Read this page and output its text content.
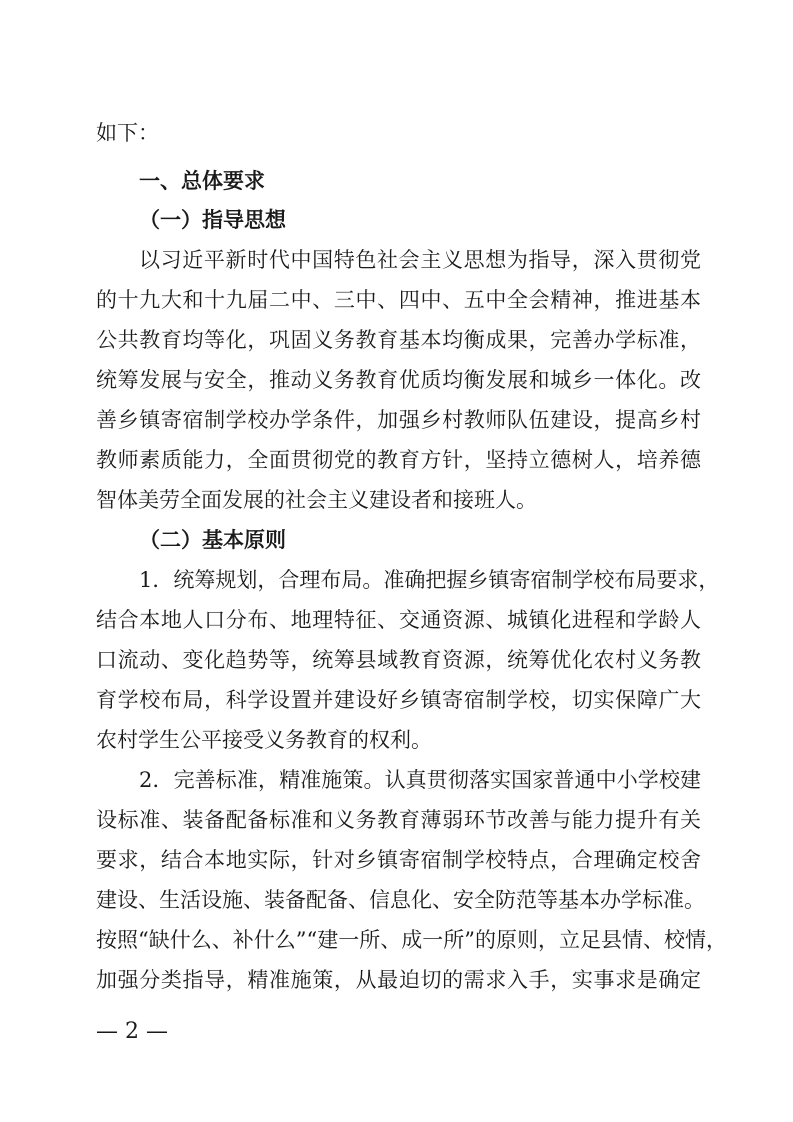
如下：
一、总体要求
（一）指导思想
以习近平新时代中国特色社会主义思想为指导，深入贯彻党
的十九大和十九届二中、三中、四中、五中全会精神，推进基本
公共教育均等化，巩固义务教育基本均衡成果，完善办学标准，
统筹发展与安全，推动义务教育优质均衡发展和城乡一体化。改
善乡镇寄宿制学校办学条件，加强乡村教师队伍建设，提高乡村
教师素质能力，全面贯彻党的教育方针，坚持立德树人，培养德
智体美劳全面发展的社会主义建设者和接班人。
（二）基本原则
1．统筹规划，合理布局。准确把握乡镇寄宿制学校布局要求，
结合本地人口分布、地理特征、交通资源、城镇化进程和学龄人
口流动、变化趋势等，统筹县域教育资源，统筹优化农村义务教
育学校布局，科学设置并建设好乡镇寄宿制学校，切实保障广大
农村学生公平接受义务教育的权利。
2．完善标准，精准施策。认真贯彻落实国家普通中小学校建
设标准、装备配备标准和义务教育薄弱环节改善与能力提升有关
要求，结合本地实际，针对乡镇寄宿制学校特点，合理确定校舍
建设、生活设施、装备配备、信息化、安全防范等基本办学标准。
按照“缺什么、补什么”“建一所、成一所”的原则，立足县情、校情，
加强分类指导，精准施策，从最迫切的需求入手，实事求是确定
— 2 —
